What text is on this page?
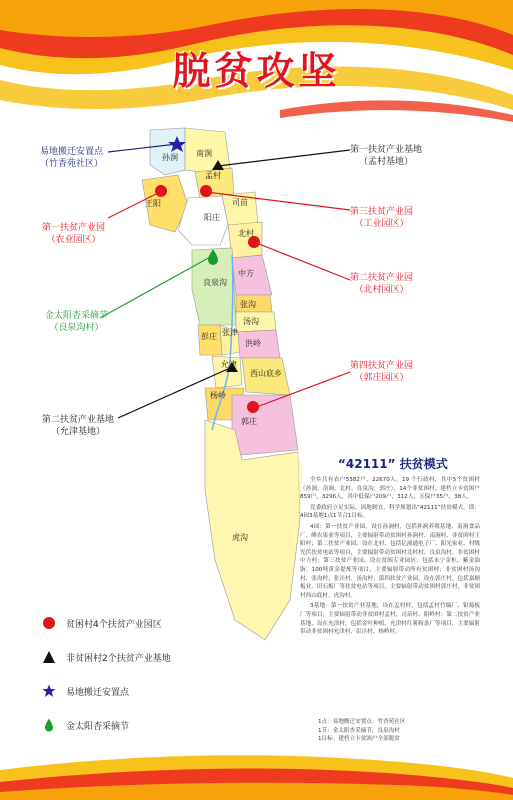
脱贫攻坚
孙涧 南涧
孟村
王阳	司苗
阳庄
北村
良泉沟
中方
张沟
汤沟
彭庄 张津
洪岭
允津
西山底乡
杨岭
郭庄
虎沟
易地搬迁安置点
（竹香苑社区）
第一扶贫产业基地
（孟村基地）
第一扶贫产业园
（农业园区）
第三扶贫产业园
（工业园区）
第二扶贫产业园
（北村园区）
金太阳杏采摘节
（良泉沟村）
第四扶贫产业园
（郭庄园区）
第二扶贫产业基地
（允津基地）
“42111” 扶贫模式

全乡共有农户5382户、22670人，19 个行政村，其中5个贫困村（孙涧、南涧、北村、良泉沟、郭庄），14个非贫困村。建档立卡贫困户859户，3296人，其中低保户209户，312人，五保户35户，38人。

党委政府立足实际，因地制宜，科学规划出“42111”扶贫模式，即：4园3基地1点1节合1目标。

4园：第一扶贫产业园，设在孙涧村，包括孙涧养殖基地、南涧食品厂、峰农果业等项目，主要辐射带动贫困村孙涧村、南涧村、非贫困村王阳村；第二扶贫产业园，设在北村，包括亿濠通电子厂、阳光家业、村级光伏扶贫电站等项目，主要辐射带动贫困村北村村、良泉沟村、非贫困村中方村；第三扶贫产业园，设在贫困专业园区，包括永宁金柜、紫金油脂、100吨黄金提炼等项目，主要辐射带动所有贫困村；非贫困村汤沟村、张沟村、张洼村、汤沟村；第四扶贫产业园，设在郭庄村，包括嘉顺板业、旧石板厂等扶贫电站等项目，主要辐射带动贫困村郭庄村，非贫困村西山底村、虎沟村。

3基地：第一扶贫产业基地，设在孟村村，包括孟村竹编厂、钼葡板厂等项目，主要辐射带动非贫困村孟村、司苗村、阳岭村；第二扶贫产业基地，设在允津村，包括金叶种植、允津村红薯粉条厂等项目，主要辐射带动非贫困村允津村、彭洼村、杨岭村。

1点：易地搬迁安置点：竹香苑社区
1节：金太阳杏采摘节，良泉沟村
1目标：建档立卡贫困户全部脱贫
贫困村4个扶贫产业园区
非贫困村2个扶贫产业基地
易地搬迁安置点
金太阳杏采摘节
